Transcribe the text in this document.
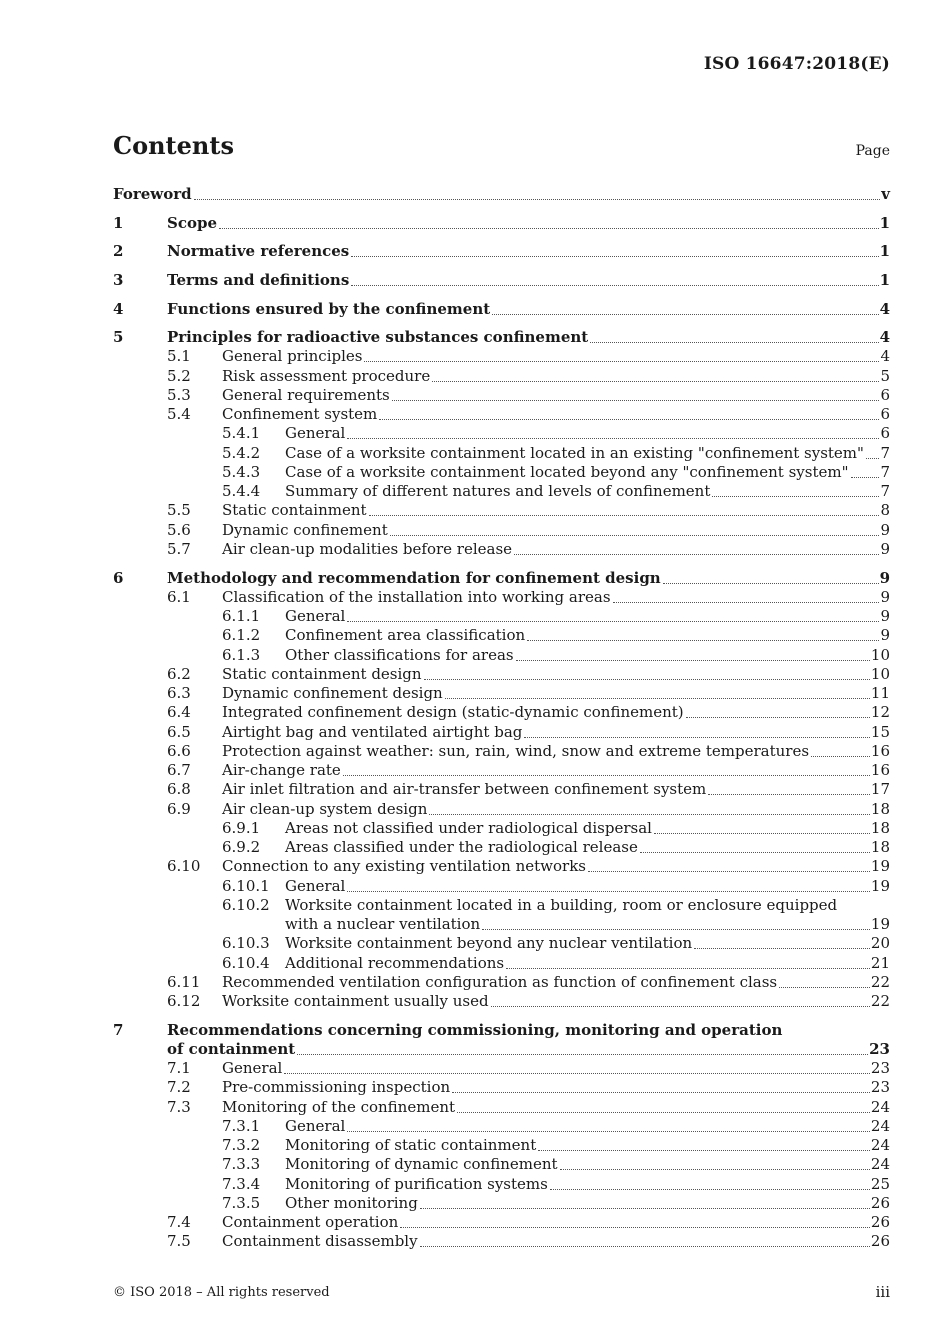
ISO 16647:2018(E)
Contents	Page
Foreword	v
1	Scope	1
2	Normative references	1
3	Terms and definitions	1
4	Functions ensured by the confinement	4
5	Principles for radioactive substances confinement	4
5.1 General principles	4
5.2 Risk assessment procedure	5
5.3 General requirements	6
5.4 Confinement system	6
5.4.1 General	6
5.4.2 Case of a worksite containment located in an existing "confinement system" 7
5.4.3 Case of a worksite containment located beyond any "confinement system" 7
5.4.4 Summary of different natures and levels of confinement	7
5.5 Static containment	8
5.6 Dynamic confinement	9
5.7 Air clean-up modalities before release	9
6	Methodology and recommendation for confinement design	9
6.1 Classification of the installation into working areas	9
6.1.1 General	9
6.1.2 Confinement area classification	9
6.1.3 Other classifications for areas	10
6.2 Static containment design	10
6.3 Dynamic confinement design	11
6.4 Integrated confinement design (static-dynamic confinement)	12
6.5 Airtight bag and ventilated airtight bag	15
6.6 Protection against weather: sun, rain, wind, snow and extreme temperatures	16
6.7 Air-change rate	16
6.8 Air inlet filtration and air-transfer between confinement system	17
6.9 Air clean-up system design	18
6.9.1 Areas not classified under radiological dispersal	18
6.9.2 Areas classified under the radiological release	18
6.10 Connection to any existing ventilation networks	19
6.10.1 General	19
6.10.2 Worksite containment located in a building, room or enclosure equipped
with a nuclear ventilation	19
6.10.3 Worksite containment beyond any nuclear ventilation	20
6.10.4 Additional recommendations	21
6.11 Recommended ventilation configuration as function of confinement class	22
6.12 Worksite containment usually used	22
7	Recommendations concerning commissioning, monitoring and operation
of containment	23
7.1 General	23
7.2 Pre-commissioning inspection	23
7.3 Monitoring of the confinement	24
7.3.1 General	24
7.3.2 Monitoring of static containment	24
7.3.3 Monitoring of dynamic confinement	24
7.3.4 Monitoring of purification systems	25
7.3.5 Other monitoring	26
7.4 Containment operation	26
7.5 Containment disassembly	26
© ISO 2018 – All rights reserved	iii
